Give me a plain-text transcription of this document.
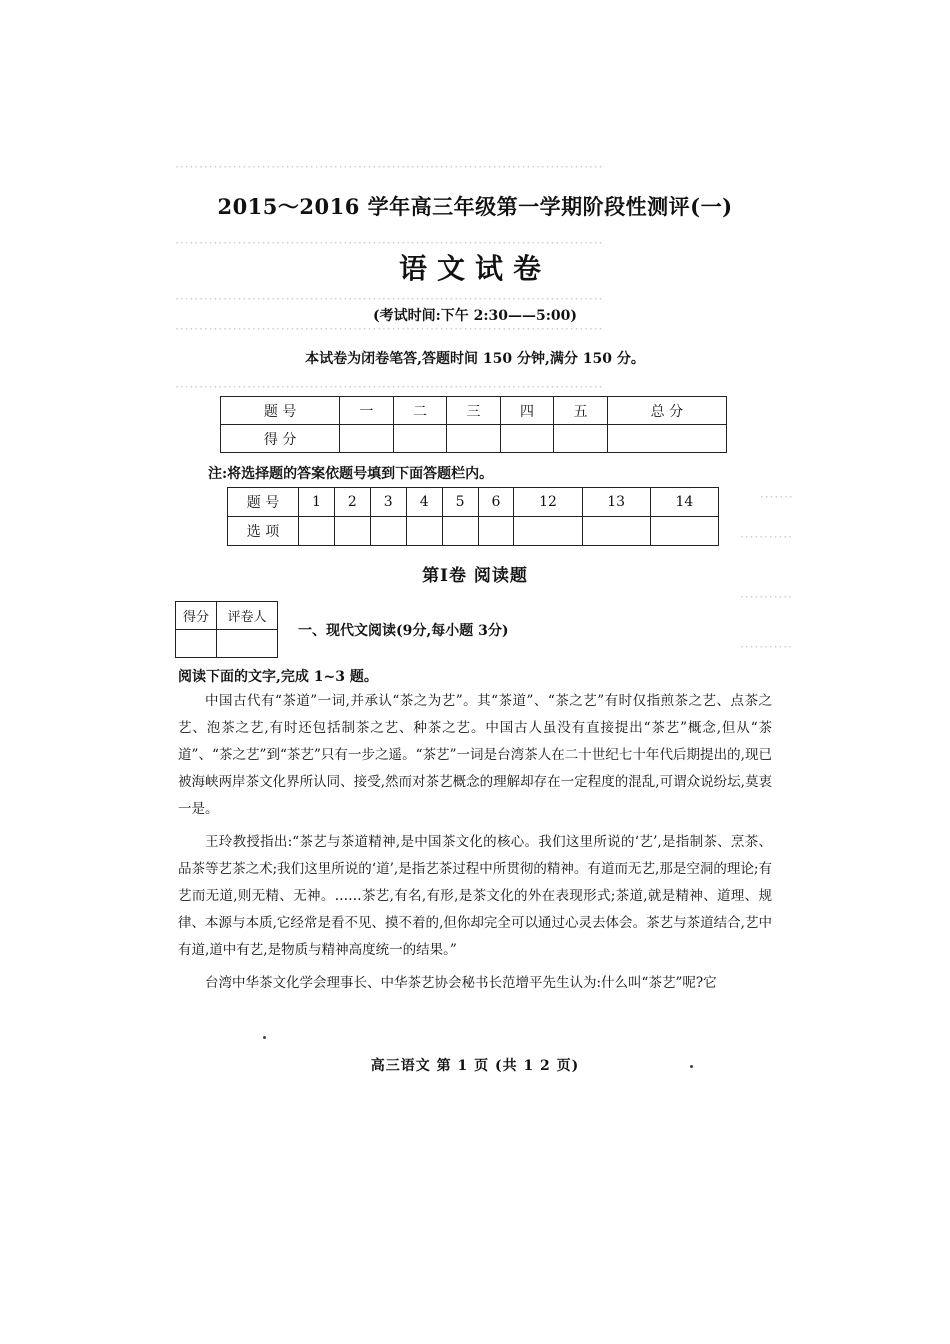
·························································································
·························································································
·························································································
·························································································
·························································································
·······
···········
···········
···········
2015～2016 学年高三年级第一学期阶段性测评(一)
语文试卷
(考试时间:下午 2:30——5:00)
本试卷为闭卷笔答,答题时间 150 分钟,满分 150 分。
题 号	一	二	三	四	五	总 分
得 分						
注:将选择题的答案依题号填到下面答题栏内。
题 号	1	2	3	4	5	6	12	13	14
选 项									
第Ⅰ卷 阅读题
得分	评卷人

一、现代文阅读(9分,每小题 3分)
阅读下面的文字,完成 1~3 题。

中国古代有“茶道”一词,并承认“茶之为艺”。其“茶道”、“茶之艺”有时仅指煎茶之艺、点茶之艺、泡茶之艺,有时还包括制茶之艺、种茶之艺。中国古人虽没有直接提出“茶艺”概念,但从“茶道”、“茶之艺”到“茶艺”只有一步之遥。“茶艺”一词是台湾茶人在二十世纪七十年代后期提出的,现已被海峡两岸茶文化界所认同、接受,然而对茶艺概念的理解却存在一定程度的混乱,可谓众说纷坛,莫衷一是。

王玲教授指出:“茶艺与茶道精神,是中国茶文化的核心。我们这里所说的‘艺’,是指制茶、烹茶、品茶等艺茶之术;我们这里所说的‘道’,是指艺茶过程中所贯彻的精神。有道而无艺,那是空洞的理论;有艺而无道,则无精、无神。……茶艺,有名,有形,是茶文化的外在表现形式;茶道,就是精神、道理、规律、本源与本质,它经常是看不见、摸不着的,但你却完全可以通过心灵去体会。茶艺与茶道结合,艺中有道,道中有艺,是物质与精神高度统一的结果。”

台湾中华茶文化学会理事长、中华茶艺协会秘书长范增平先生认为:什么叫“茶艺”呢?它

高三语文 第 1 页 (共 1 2 页)
